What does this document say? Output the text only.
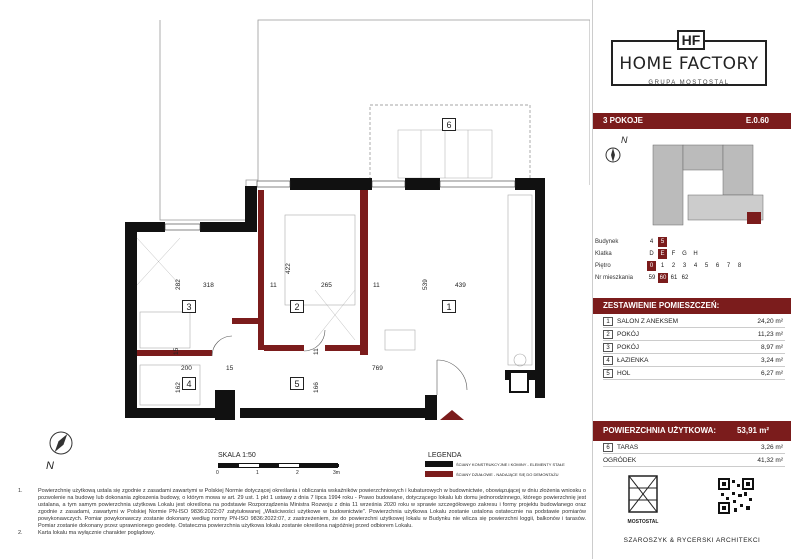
6
1
2
3
4	5
282	318
422
11	265	11	539	439
15	11
200	15
162	166
769
N
SKALA 1:50
0	1	2	3m
LEGENDA
ŚCIANY KONSTRUKCYJNE I KOMINY - ELEMENTY STAŁE
ŚCIANY DZIAŁOWE - NADAJĄCE SIĘ DO DEMONTAŻU

1.	Powierzchnię użytkową ustala się zgodnie z zasadami zawartymi w Polskiej Normie dotyczącej określania i obliczania wskaźników powierzchniowych i kubaturowych w budownictwie, obowiązującej w dniu złożenia wniosku o pozwolenie na budowę lub dokonania zgłoszenia budowy, o którym mowa w art. 29 ust. 1 pkt 1 ustawy z dnia 7 lipca 1994 roku - Prawo budowlane, dotyczącego lokalu lub domu jednorodzinnego, którego powierzchnię jest ustalana, a tym samym powierzchnia użytkowa Lokalu jest określona na podstawie Rozporządzenia Ministra Rozwoju z dnia 11 września 2020 roku w sprawie szczegółowego zakresu i formy projektu budowlanego oraz zgodnie z zasadami, zawartymi w Polskiej Normie PN-ISO 9836:2022:07 zatytułowanej „Właściwości użytkowe w budownictwie". Powierzchnia użytkowa Lokalu zostanie ustalona ostatecznie na podstawie pomiarów powykonawczych. Pomiar powykonawczy zostanie dokonany według normy PN-ISO 9836:2022:07, z zastrzeżeniem, że do powierzchni użytkowej lokalu w Budynku nie wlicza się powierzchni loggii, balkonów i tarasów. Pomiar zostanie dokonany przez uprawnionego geodetę. Ostateczna powierzchnia użytkowa lokalu zostanie określona najpóźniej przed odbiorem Lokalu.

2.	Karta lokalu ma wyłącznie charakter poglądowy.

HF
HOME FACTORY
GRUPA MOSTOSTAL
3 POKOJE	E.0.60
N
Budynek	4	5
Klatka	D	E	F	G	H
Piętro	0	1	2	3	4	5	6	7	8
Nr mieszkania	59 60 61 62
ZESTAWIENIE POMIESZCZEŃ:
1	SALON Z ANEKSEM	24,20 m²
2	POKÓJ	11,23 m²
3	POKÓJ	8,97 m²
4	ŁAZIENKA	3,24 m²
5	HOL	6,27 m²
POWIERZCHNIA UŻYTKOWA:	53,91 m²
6	TARAS	3,26 m²
OGRÓDEK	41,32 m²
MOSTOSTAL
SZAROSZYK & RYCERSKI ARCHITEKCI
